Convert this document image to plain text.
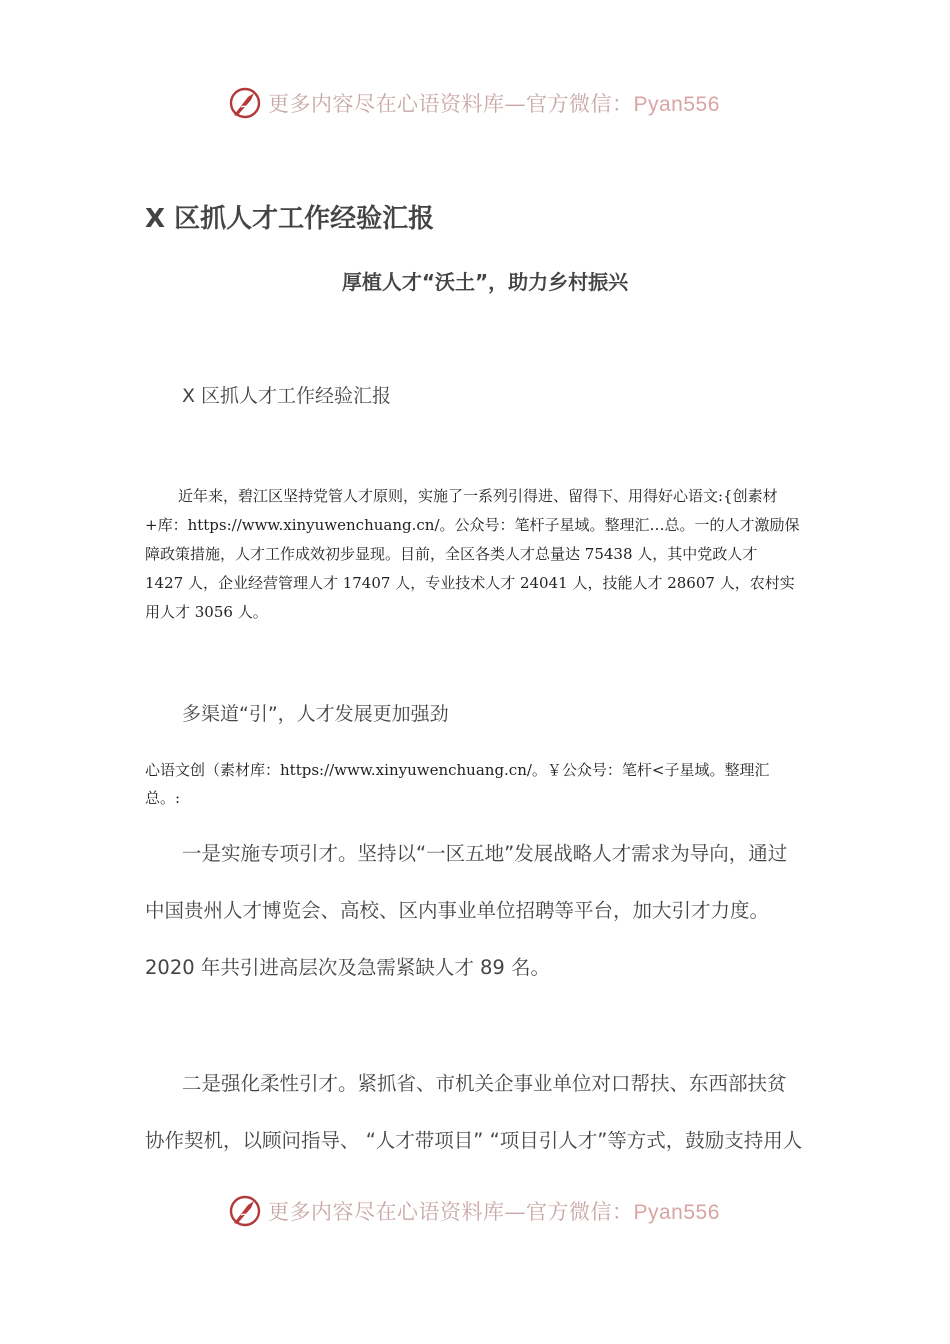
更多内容尽在心语资料库—官方微信：Pyan556
X 区抓人才工作经验汇报
厚植人才“沃土”，助力乡村振兴
X 区抓人才工作经验汇报
近年来，碧江区坚持党管人才原则，实施了一系列引得进、留得下、用得好心语文:{创素材+库：https://www.xinyuwenchuang.cn/。公众号：笔杆子星域。整理汇…总。一的人才激励保障政策措施，人才工作成效初步显现。目前，全区各类人才总量达 75438 人，其中党政人才 1427 人，企业经营管理人才 17407 人，专业技术人才 24041 人，技能人才 28607 人，农村实用人才 3056 人。
多渠道“引”，人才发展更加强劲
心语文创（素材库：https://www.xinyuwenchuang.cn/。￥公众号：笔杆<子星域。整理汇总。:
一是实施专项引才。坚持以“一区五地”发展战略人才需求为导向，通过中国贵州人才博览会、高校、区内事业单位招聘等平台，加大引才力度。2020 年共引进高层次及急需紧缺人才 89 名。
二是强化柔性引才。紧抓省、市机关企事业单位对口帮扶、东西部扶贫协作契机，以顾问指导、 “人才带项目” “项目引人才”等方式，鼓励支持用人
更多内容尽在心语资料库—官方微信：Pyan556
